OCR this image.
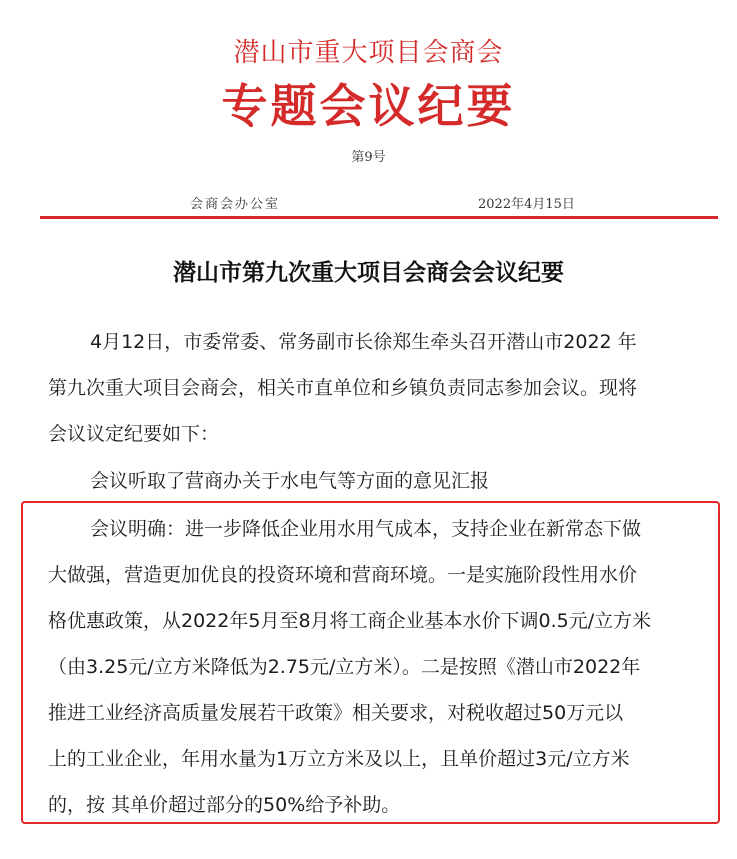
潜山市重大项目会商会
专题会议纪要
第9号
会商会办公室	2022年4月15日
潜山市第九次重大项目会商会会议纪要
4月12日，市委常委、常务副市长徐郑生牵头召开潜山市2022 年
第九次重大项目会商会，相关市直单位和乡镇负责同志参加会议。现将
会议议定纪要如下：
会议听取了营商办关于水电气等方面的意见汇报
会议明确：进一步降低企业用水用气成本，支持企业在新常态下做
大做强，营造更加优良的投资环境和营商环境。一是实施阶段性用水价
格优惠政策，从2022年5月至8月将工商企业基本水价下调0.5元/立方米
（由3.25元/立方米降低为2.75元/立方米）。二是按照《潜山市2022年
推进工业经济高质量发展若干政策》相关要求，对税收超过50万元以
上的工业企业，年用水量为1万立方米及以上，且单价超过3元/立方米
的，按 其单价超过部分的50%给予补助。
